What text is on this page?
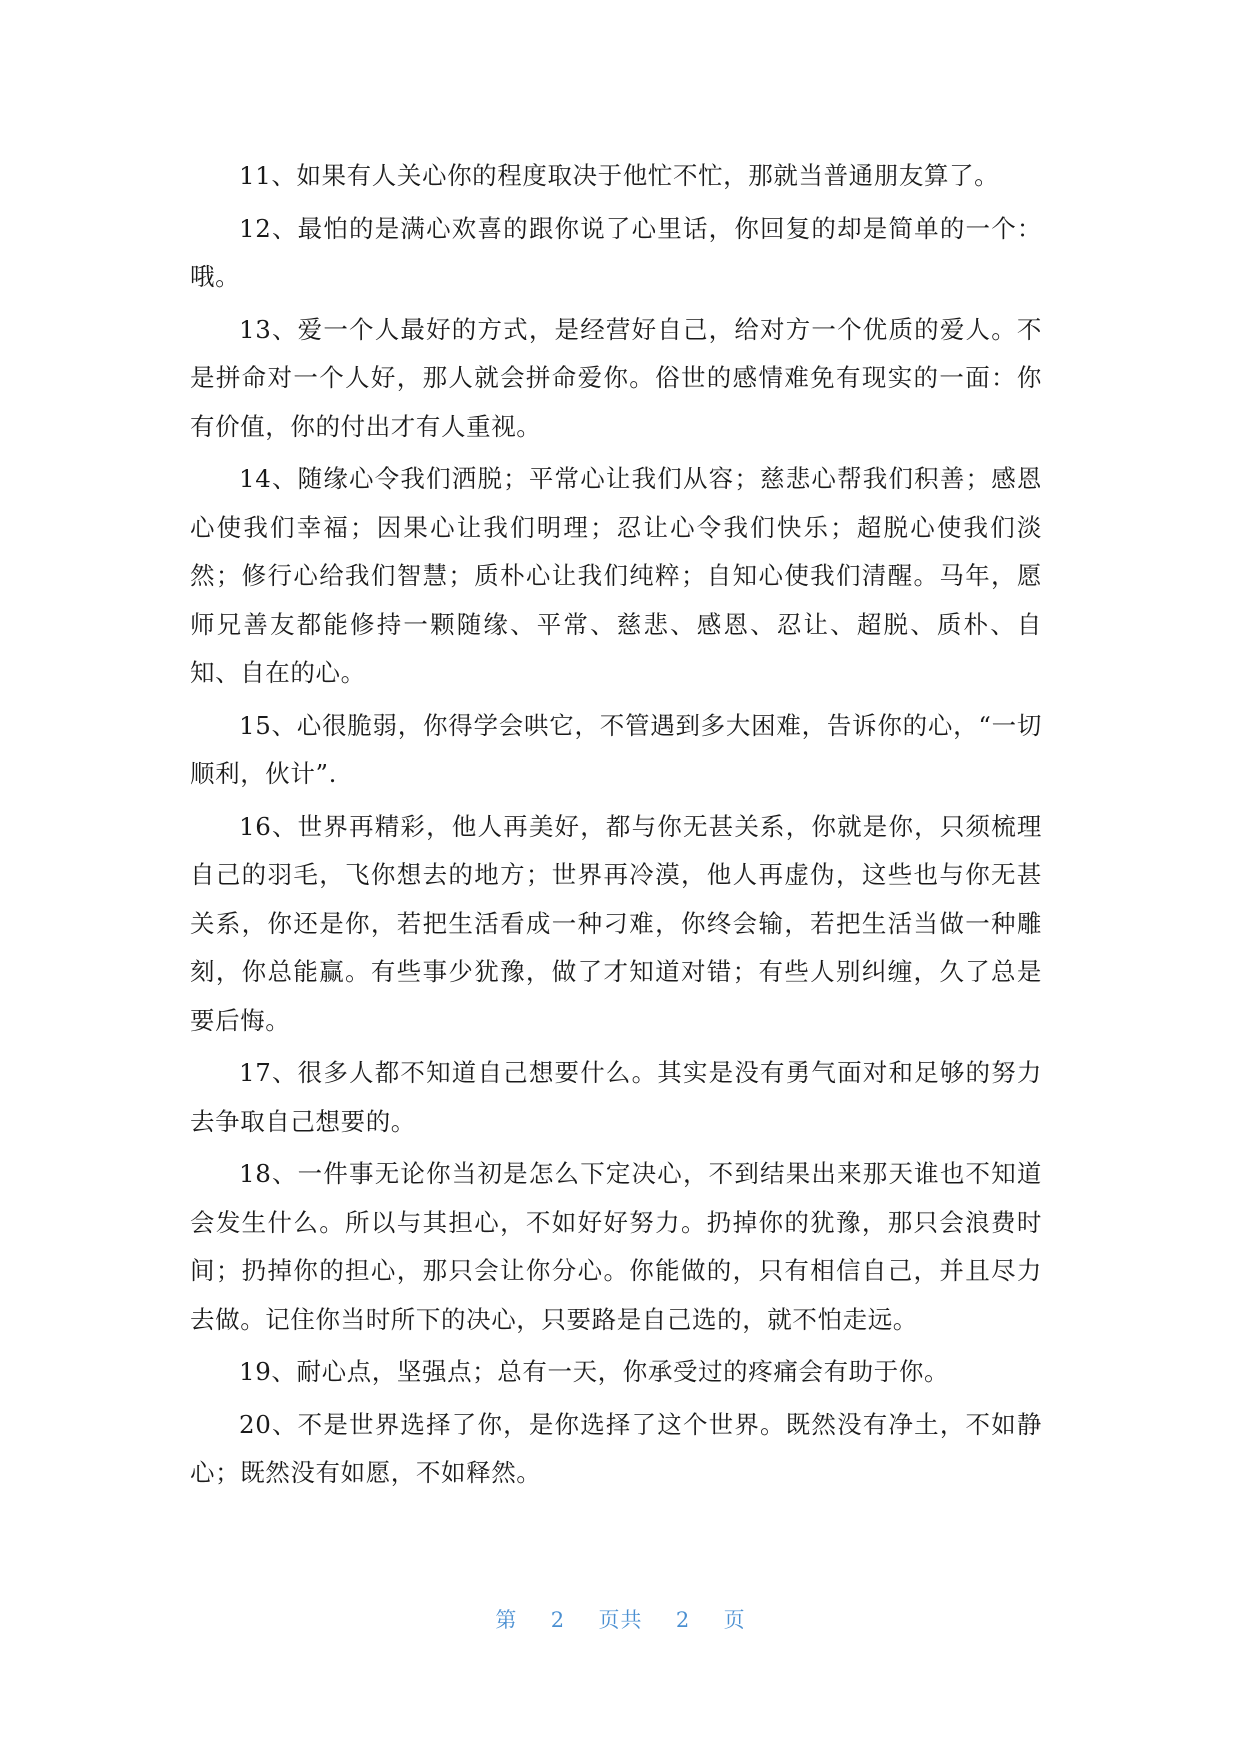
11、如果有人关心你的程度取决于他忙不忙，那就当普通朋友算了。

12、最怕的是满心欢喜的跟你说了心里话，你回复的却是简单的一个：哦。

13、爱一个人最好的方式，是经营好自己，给对方一个优质的爱人。不是拼命对一个人好，那人就会拼命爱你。俗世的感情难免有现实的一面：你有价值，你的付出才有人重视。

14、随缘心令我们洒脱；平常心让我们从容；慈悲心帮我们积善；感恩心使我们幸福；因果心让我们明理；忍让心令我们快乐；超脱心使我们淡然；修行心给我们智慧；质朴心让我们纯粹；自知心使我们清醒。马年，愿师兄善友都能修持一颗随缘、平常、慈悲、感恩、忍让、超脱、质朴、自知、自在的心。

15、心很脆弱，你得学会哄它，不管遇到多大困难，告诉你的心，“一切顺利，伙计”.

16、世界再精彩，他人再美好，都与你无甚关系，你就是你，只须梳理自己的羽毛，飞你想去的地方；世界再冷漠，他人再虚伪，这些也与你无甚关系，你还是你，若把生活看成一种刁难，你终会输，若把生活当做一种雕刻，你总能赢。有些事少犹豫，做了才知道对错；有些人别纠缠，久了总是要后悔。

17、很多人都不知道自己想要什么。其实是没有勇气面对和足够的努力去争取自己想要的。

18、一件事无论你当初是怎么下定决心，不到结果出来那天谁也不知道会发生什么。所以与其担心，不如好好努力。扔掉你的犹豫，那只会浪费时间；扔掉你的担心，那只会让你分心。你能做的，只有相信自己，并且尽力去做。记住你当时所下的决心，只要路是自己选的，就不怕走远。

19、耐心点，坚强点；总有一天，你承受过的疼痛会有助于你。

20、不是世界选择了你，是你选择了这个世界。既然没有净土，不如静心；既然没有如愿，不如释然。

第 2 页共 2 页
